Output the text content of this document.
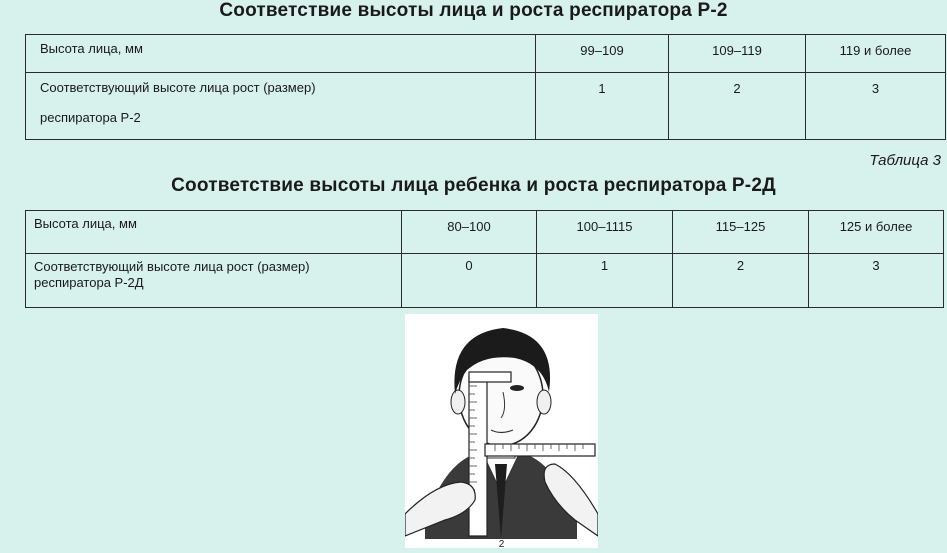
Соответствие высоты лица и роста респиратора Р-2
Высота лица, мм	99–109	109–119	119 и более

Соответствующий высоте лица рост (размер)
респиратора Р-2	1	2	3
Таблица 3
Соответствие высоты лица ребенка и роста респиратора Р-2Д
Высота лица, мм	80–100	100–1115	115–125	125 и более

Соответствующий высоте лица рост (размер)
респиратора Р-2Д	0	1	2	3
2
